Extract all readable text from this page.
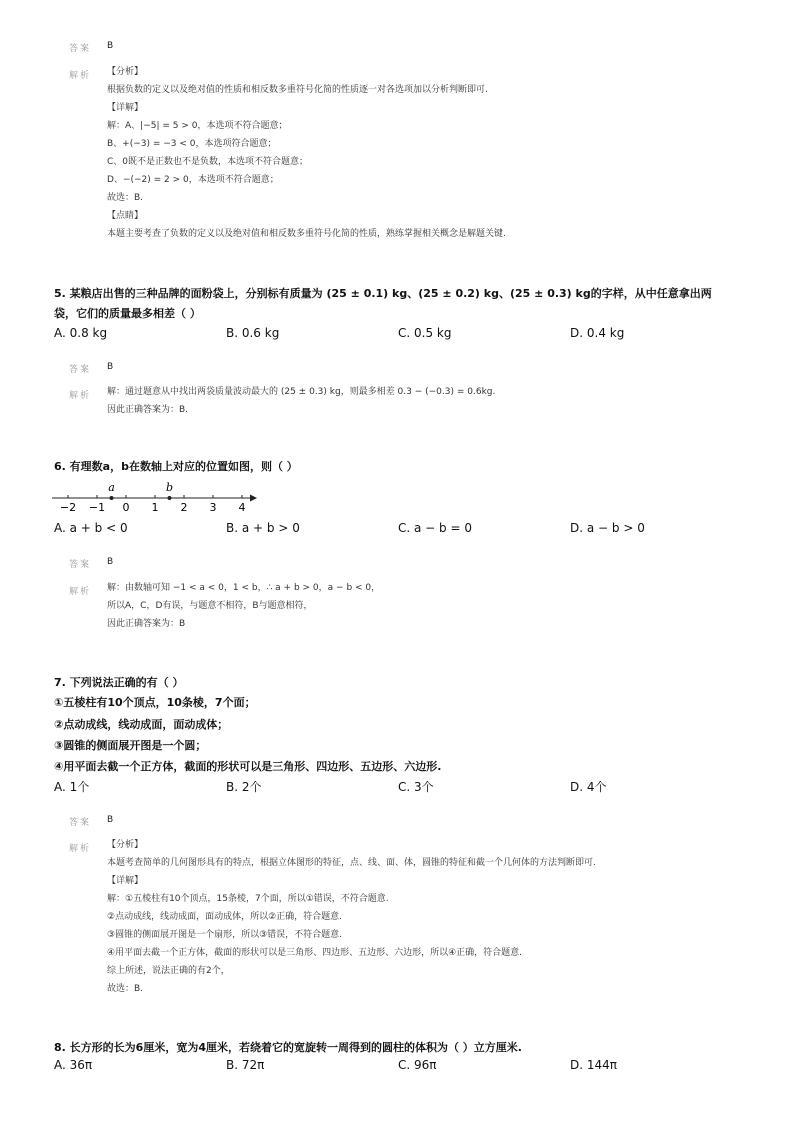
答案 B
解析 【分析】
根据负数的定义以及绝对值的性质和相反数多重符号化简的性质逐一对各选项加以分析判断即可.
【详解】
解：A、|−5| = 5 > 0，本选项不符合题意；
B、+(−3) = −3 < 0，本选项符合题意；
C、0既不是正数也不是负数，本选项不符合题意；
D、−(−2) = 2 > 0，本选项不符合题意；
故选：B.
【点睛】
本题主要考查了负数的定义以及绝对值和相反数多重符号化简的性质，熟练掌握相关概念是解题关键.
5. 某粮店出售的三种品牌的面粉袋上，分别标有质量为 (25 ± 0.1) kg、(25 ± 0.2) kg、(25 ± 0.3) kg的字样，从中任意拿出两
袋，它们的质量最多相差（ ）
A. 0.8 kg	B. 0.6 kg	C. 0.5 kg	D. 0.4 kg
答案 B
解析 解：通过题意从中找出两袋质量波动最大的 (25 ± 0.3) kg，则最多相差 0.3 − (−0.3) = 0.6kg.
因此正确答案为：B.
6. 有理数a，b在数轴上对应的位置如图，则（ ）
−2 −1 0 1 2 3 4
a	b
A. a + b < 0	B. a + b > 0	C. a − b = 0	D. a − b > 0
答案 B
解析 解：由数轴可知 −1 < a < 0，1 < b，∴ a + b > 0，a − b < 0，
所以A，C，D有误，与题意不相符，B与题意相符，
因此正确答案为：B
7. 下列说法正确的有（ ）
①五棱柱有10个顶点，10条棱，7个面；
②点动成线，线动成面，面动成体；
③圆锥的侧面展开图是一个圆；
④用平面去截一个正方体，截面的形状可以是三角形、四边形、五边形、六边形.
A. 1个	B. 2个	C. 3个	D. 4个
答案 B
解析 【分析】
本题考查简单的几何图形具有的特点，根据立体图形的特征，点、线、面、体，圆锥的特征和截一个几何体的方法判断即可.
【详解】
解：①五棱柱有10个顶点，15条棱，7个面，所以①错误，不符合题意.
②点动成线，线动成面，面动成体，所以②正确，符合题意.
③圆锥的侧面展开图是一个扇形，所以③错误，不符合题意.
④用平面去截一个正方体，截面的形状可以是三角形、四边形、五边形、六边形，所以④正确，符合题意.
综上所述，说法正确的有2个，
故选：B.
8. 长方形的长为6厘米，宽为4厘米，若绕着它的宽旋转一周得到的圆柱的体积为（ ）立方厘米.
A. 36π	B. 72π	C. 96π	D. 144π
